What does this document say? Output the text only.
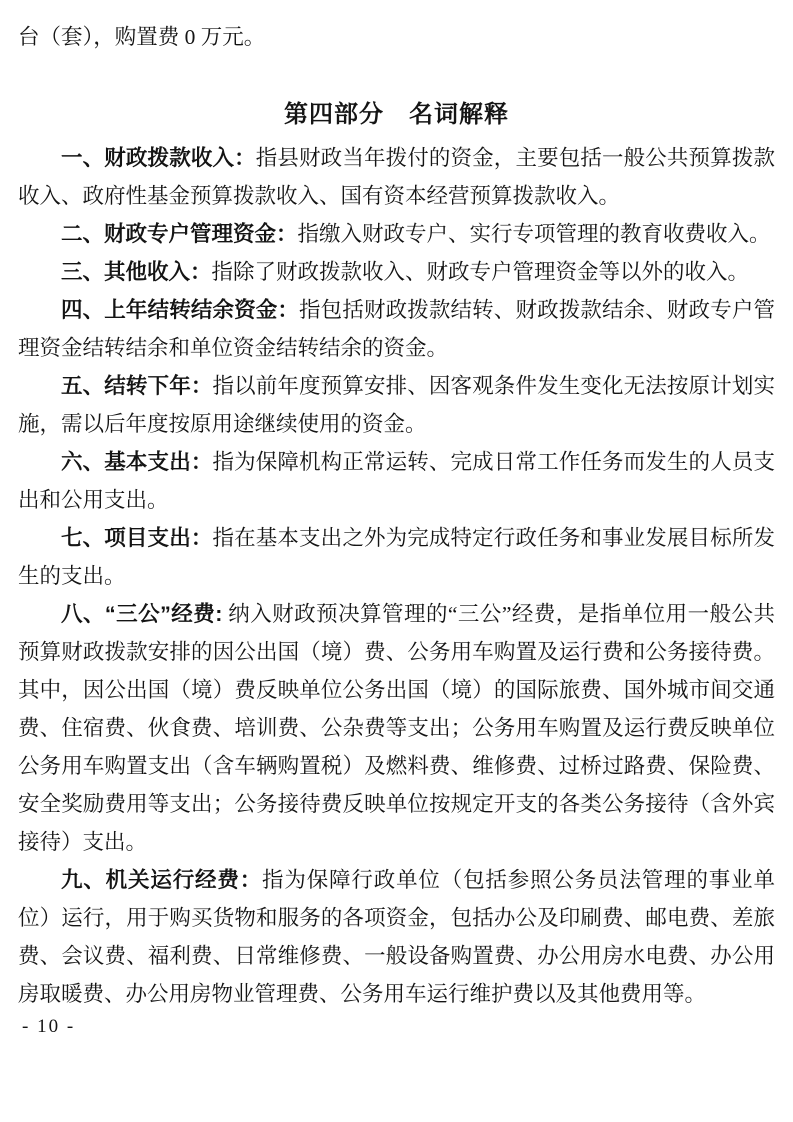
台（套），购置费 0 万元。

第四部分　名词解释

一、财政拨款收入：指县财政当年拨付的资金，主要包括一般公共预算拨款收入、政府性基金预算拨款收入、国有资本经营预算拨款收入。

二、财政专户管理资金：指缴入财政专户、实行专项管理的教育收费收入。

三、其他收入：指除了财政拨款收入、财政专户管理资金等以外的收入。

四、上年结转结余资金：指包括财政拨款结转、财政拨款结余、财政专户管理资金结转结余和单位资金结转结余的资金。

五、结转下年：指以前年度预算安排、因客观条件发生变化无法按原计划实施，需以后年度按原用途继续使用的资金。

六、基本支出：指为保障机构正常运转、完成日常工作任务而发生的人员支出和公用支出。

七、项目支出：指在基本支出之外为完成特定行政任务和事业发展目标所发生的支出。

八、“三公”经费: 纳入财政预决算管理的“三公”经费，是指单位用一般公共预算财政拨款安排的因公出国（境）费、公务用车购置及运行费和公务接待费。其中，因公出国（境）费反映单位公务出国（境）的国际旅费、国外城市间交通费、住宿费、伙食费、培训费、公杂费等支出；公务用车购置及运行费反映单位公务用车购置支出（含车辆购置税）及燃料费、维修费、过桥过路费、保险费、安全奖励费用等支出；公务接待费反映单位按规定开支的各类公务接待（含外宾接待）支出。

九、机关运行经费：指为保障行政单位（包括参照公务员法管理的事业单位）运行，用于购买货物和服务的各项资金，包括办公及印刷费、邮电费、差旅费、会议费、福利费、日常维修费、一般设备购置费、办公用房水电费、办公用房取暖费、办公用房物业管理费、公务用车运行维护费以及其他费用等。

- 10 -
